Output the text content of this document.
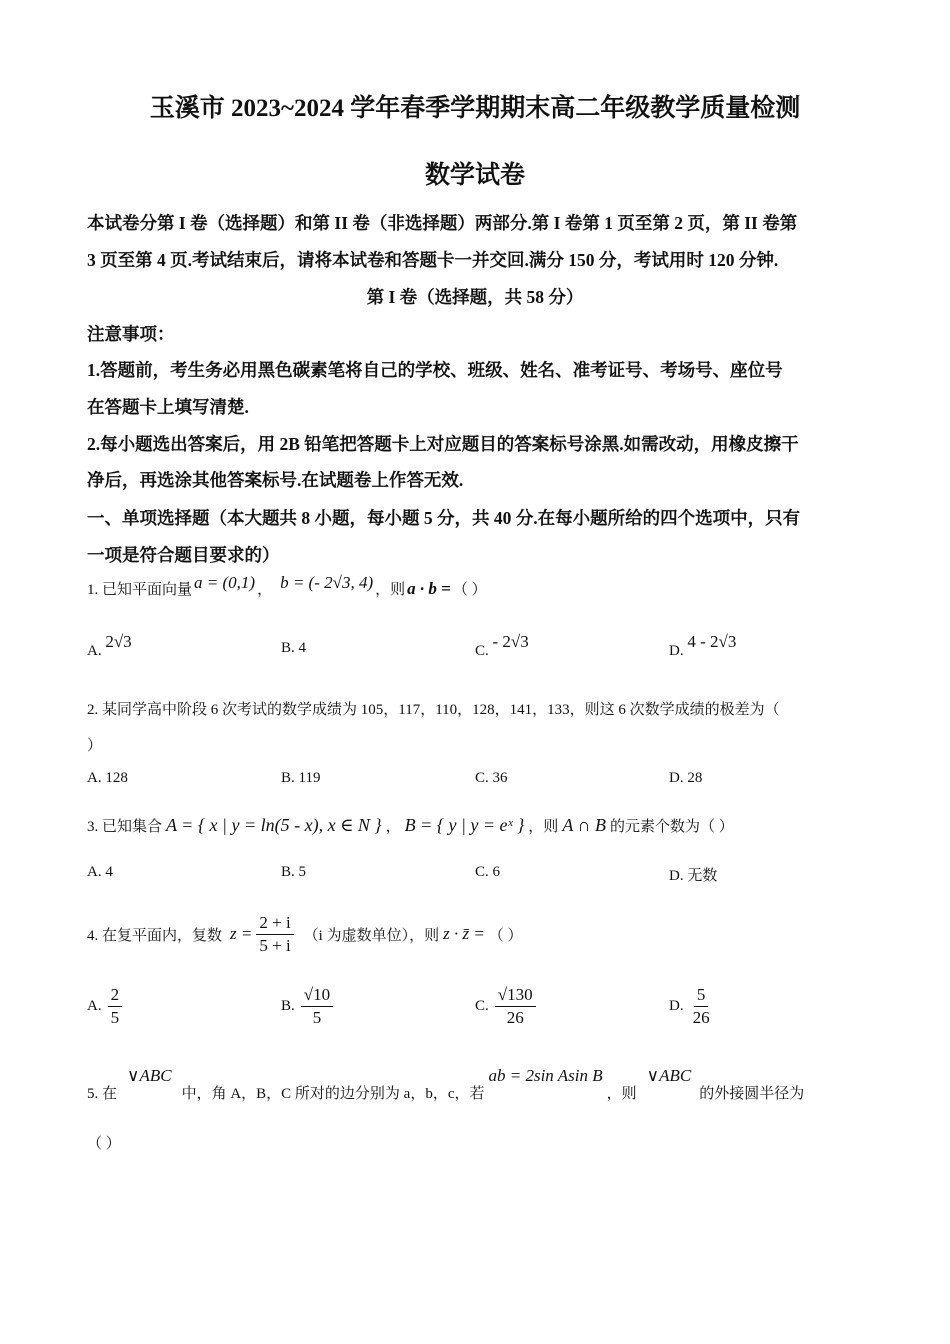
玉溪市 2023~2024 学年春季学期期末高二年级教学质量检测
数学试卷
本试卷分第 I 卷（选择题）和第 II 卷（非选择题）两部分.第 I 卷第 1 页至第 2 页，第 II 卷第
3 页至第 4 页.考试结束后，请将本试卷和答题卡一并交回.满分 150 分，考试用时 120 分钟.
第 I 卷（选择题，共 58 分）
注意事项：
1.答题前，考生务必用黑色碳素笔将自己的学校、班级、姓名、准考证号、考场号、座位号
在答题卡上填写清楚.
2.每小题选出答案后，用 2B 铅笔把答题卡上对应题目的答案标号涂黑.如需改动，用橡皮擦干
净后，再选涂其他答案标号.在试题卷上作答无效.
一、单项选择题（本大题共 8 小题，每小题 5 分，共 40 分.在每小题所给的四个选项中，只有
一项是符合题目要求的）
1. 已知平面向量 a = (0,1) ， b = (- 2√3, 4) ，则 a · b = （ ）
A. 2√3	B. 4	C. - 2√3	D. 4 - 2√3
2. 某同学高中阶段 6 次考试的数学成绩为 105，117，110，128，141，133，则这 6 次数学成绩的极差为（
）
A. 128	B. 119	C. 36	D. 28
3. 已知集合 A = { x | y = ln(5 - x), x ∈ N } ， B = { y | y = eˣ } ，则 A ∩ B 的元素个数为（ ）
A. 4	B. 5	C. 6	D. 无数
4. 在复平面内，复数 $z = \frac{2 + i}{5 + i} (i$ 为虚数单位），则 z · z̄ = （ ）
A. $\frac{2}{5}$	B. $\frac{√10}{5}$	C. $\frac{√130}{26}$	D. $\frac{5}{26}$
5. 在
∨ABC
中，角 A，B，C 所对的边分别为 a，b，c，若
ab = 2sin Asin B
，则
∨ABC
的外接圆半径为
（ ）
